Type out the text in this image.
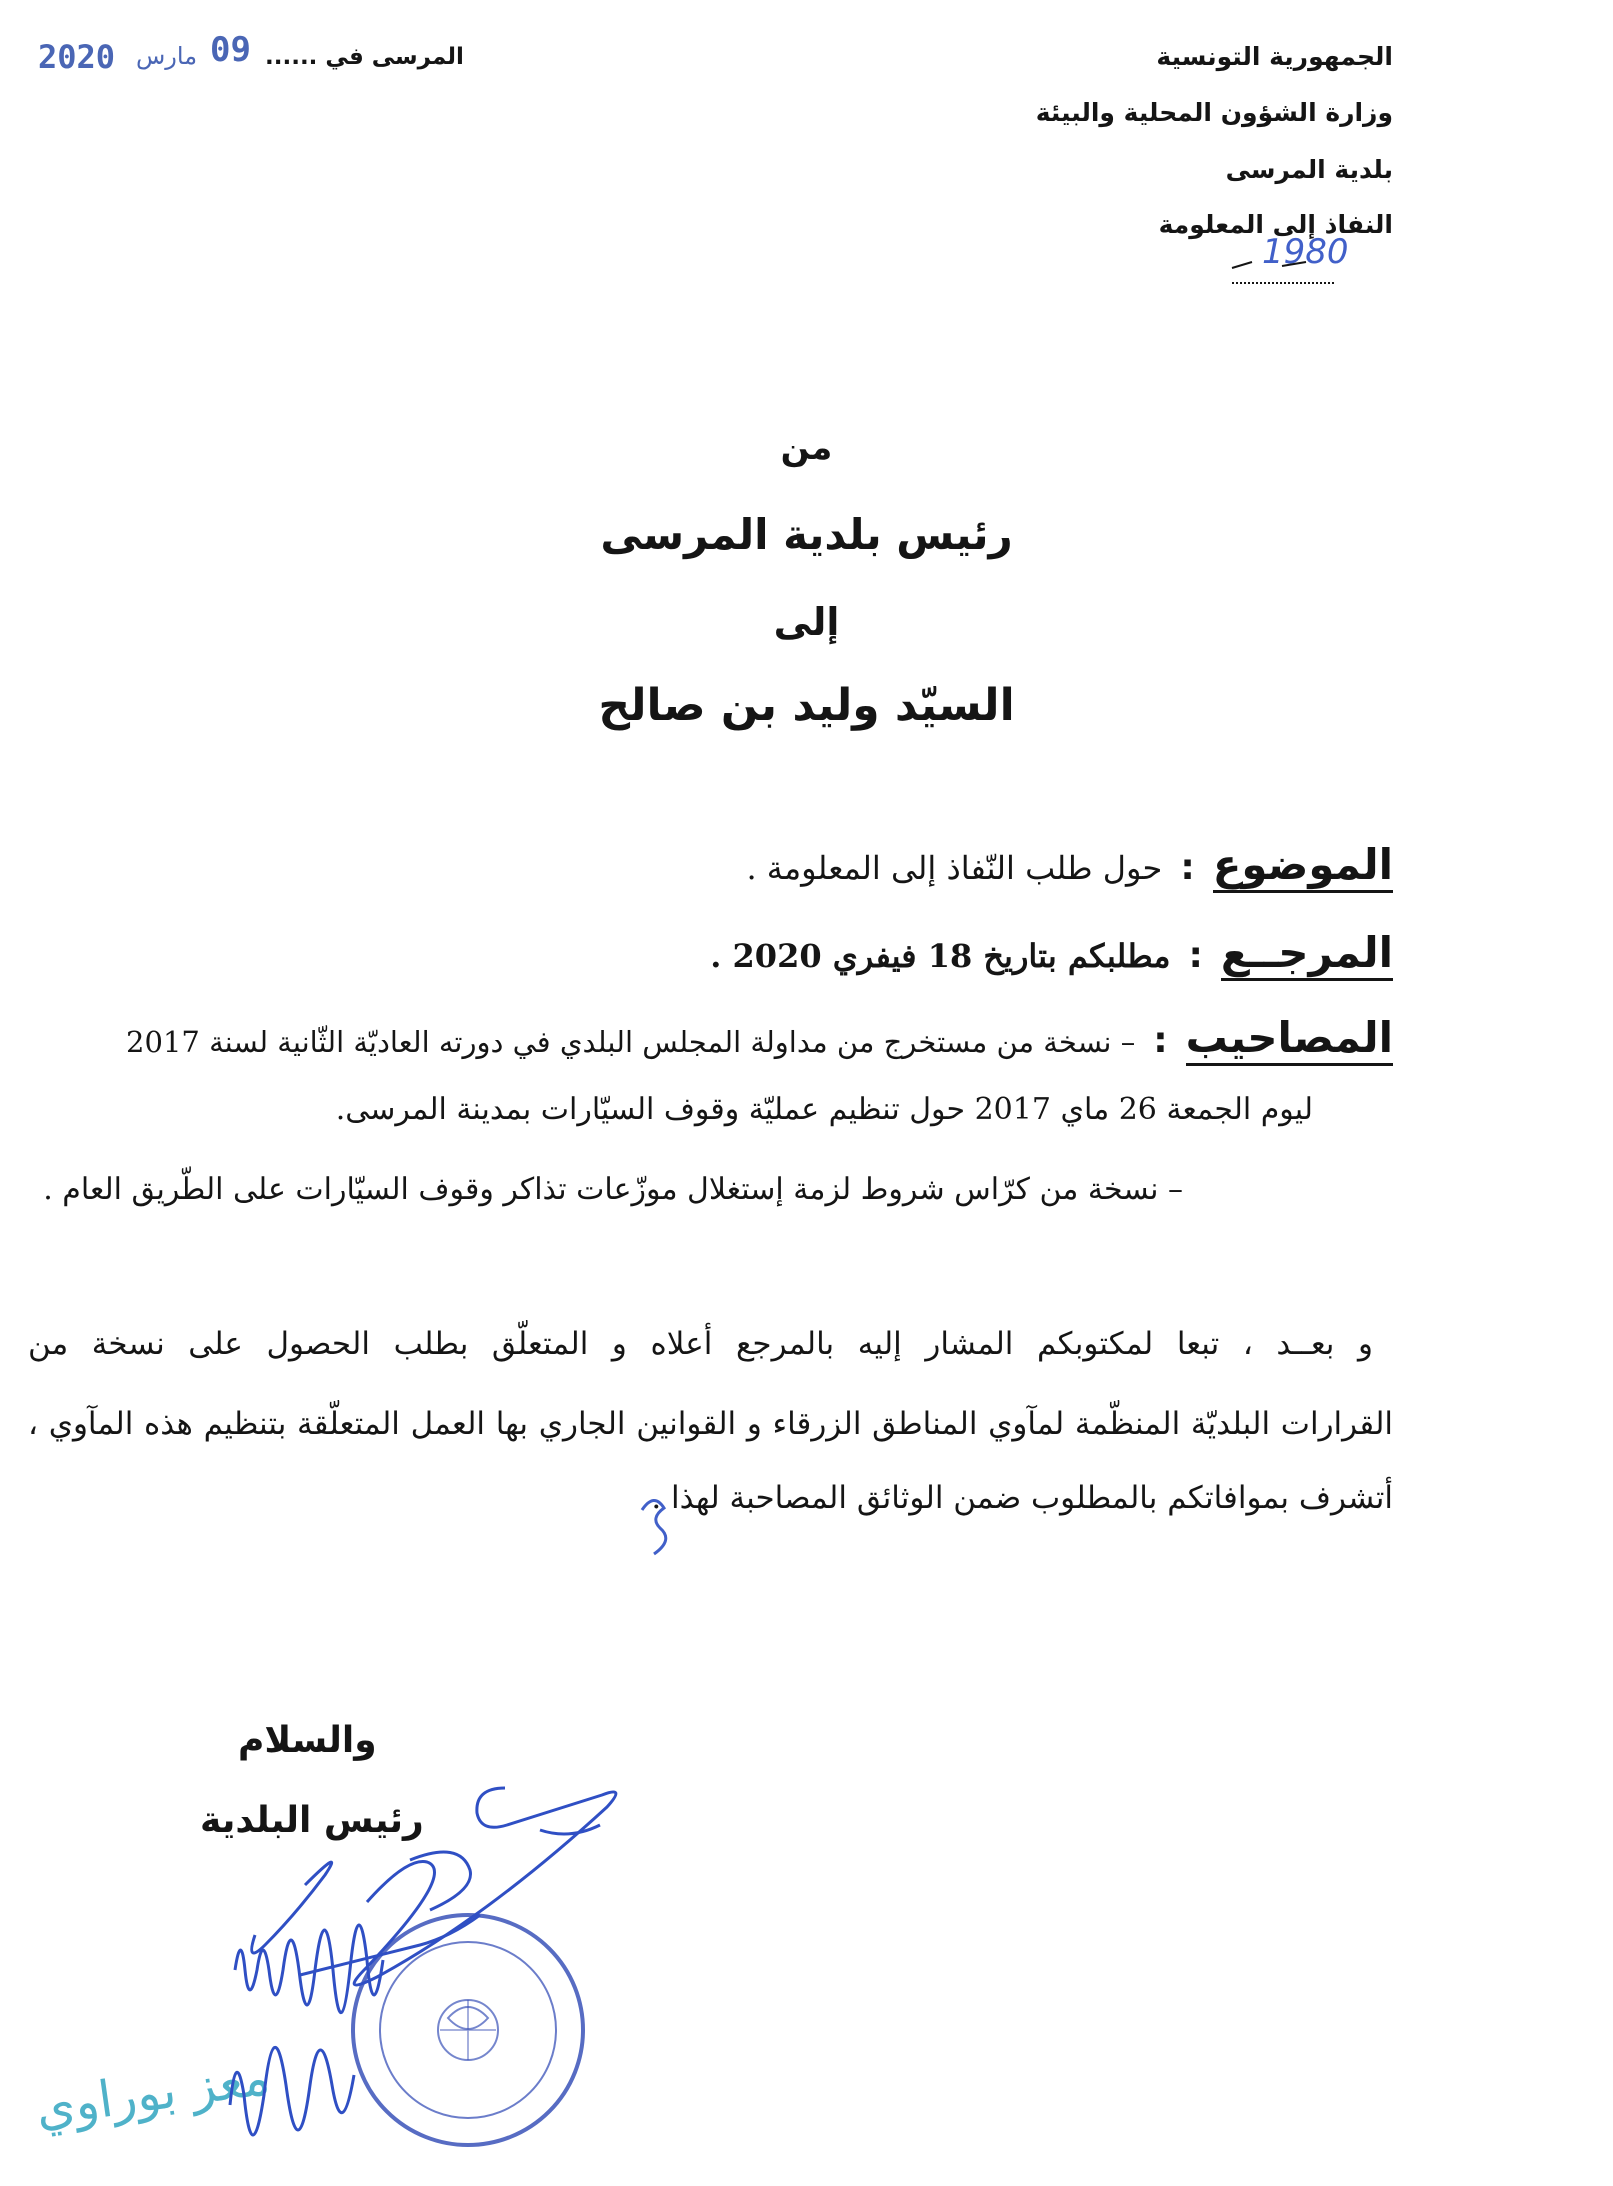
الجمهورية التونسية
وزارة الشؤون المحلية والبيئة
بلدية المرسى
النفاذ إلى المعلومة
1980
المرسى في ......
09
مارس
2020
من
رئيس بلدية المرسى
إلى
السيّد وليد بن صالح
الموضوع
:
حول طلب النّفاذ إلى المعلومة .
المرجــع
:
مطلبكم بتاريخ 18 فيفري 2020 .
المصاحيب
:
– نسخة من مستخرج من مداولة المجلس البلدي في دورته العاديّة الثّانية لسنة 2017
ليوم الجمعة 26 ماي 2017 حول تنظيم عمليّة وقوف السيّارات بمدينة المرسى.
– نسخة من كرّاس شروط لزمة إستغلال موزّعات تذاكر وقوف السيّارات على الطّريق العام .
و بعــد ، تبعا لمكتوبكم المشار إليه بالمرجع أعلاه و المتعلّق بطلب الحصول على نسخة من
القرارات البلديّة المنظّمة لمآوي المناطق الزرقاء و القوانين الجاري بها العمل المتعلّقة بتنظيم هذه المآوي ،
أتشرف بموافاتكم بالمطلوب ضمن الوثائق المصاحبة لهذا .
والسلام
رئيس البلدية
معز بوراوي
